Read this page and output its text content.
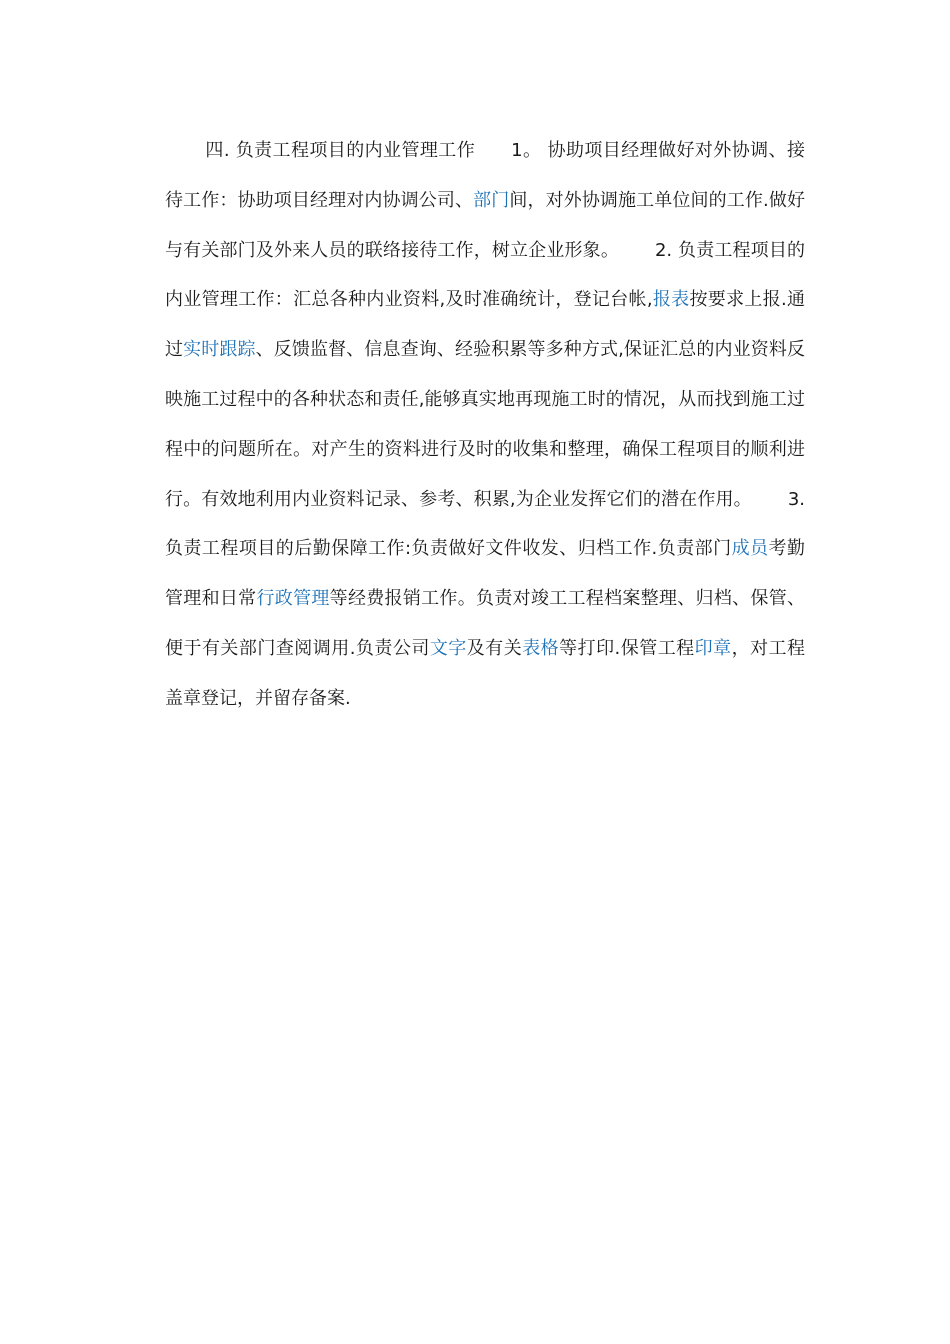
四. 负责工程项目的内业管理工作 1。 协助项目经理做好对外协调、接待工作：协助项目经理对内协调公司、部门间，对外协调施工单位间的工作.做好与有关部门及外来人员的联络接待工作，树立企业形象。 2. 负责工程项目的内业管理工作：汇总各种内业资料,及时准确统计，登记台帐,报表按要求上报.通过实时跟踪、反馈监督、信息查询、经验积累等多种方式,保证汇总的内业资料反映施工过程中的各种状态和责任,能够真实地再现施工时的情况，从而找到施工过程中的问题所在。对产生的资料进行及时的收集和整理，确保工程项目的顺利进行。有效地利用内业资料记录、参考、积累,为企业发挥它们的潜在作用。 3. 负责工程项目的后勤保障工作:负责做好文件收发、归档工作.负责部门成员考勤管理和日常行政管理等经费报销工作。负责对竣工工程档案整理、归档、保管、便于有关部门查阅调用.负责公司文字及有关表格等打印.保管工程印章，对工程盖章登记，并留存备案.
